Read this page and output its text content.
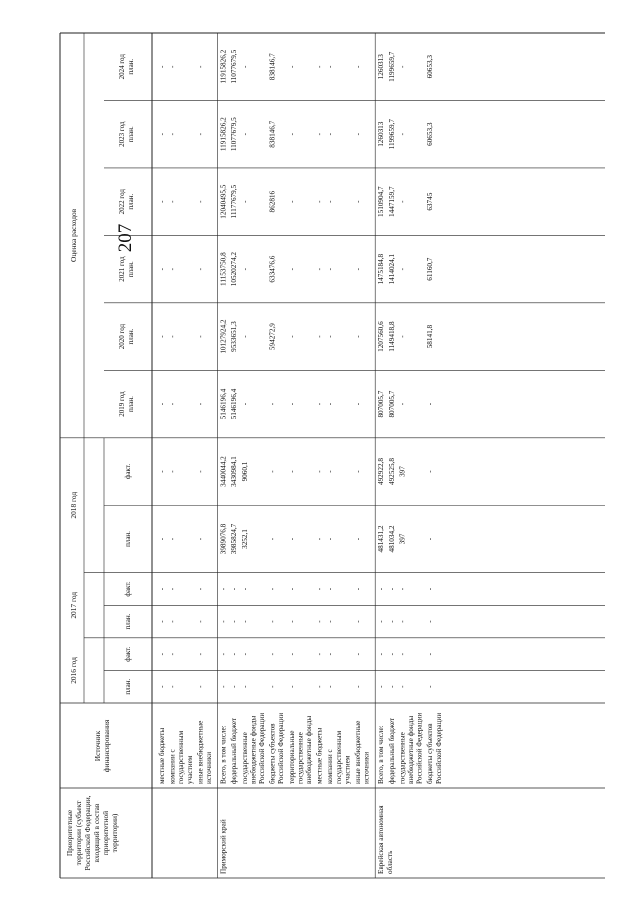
207
Приоритетныетерритории (субъектРоссийской Федерации,входящий в составприоритетнойтерритории)
Источникфинансирования
2016 год
план.
факт.
2017 год
план.
факт.
2018 год
план.
факт.
Оценка расходов
2019 годплан.
2020 годплан.
2021 годплан.
2022 годплан.
2023 годплан.
2024 годплан.
местные бюджеты
-
-
-
-
-
-
-
-
-
-
-
-
компании сгосударственнымучастием
-
-
-
-
-
-
-
-
-
-
-
-
иные внебюджетныеисточники
-
-
-
-
-
-
-
-
-
-
-
-
Приморский край
Всего, в том числе:
-
-
-
-
3989076,8
3440044,2
5146196,4
10127924,2
11153750,8
12040495,5
11915826,2
11915826,2
федеральный бюджет
-
-
-
-
3985824,7
3430984,1
5146196,4
9533651,3
10520274,2
11177679,5
11077679,5
11077679,5
государственныевнебюджетные фондыРоссийской Федерации
-
-
-
-
3252,1
9060,1
-
-
-
-
-
-
бюджеты субъектовРоссийской Федерации
-
-
-
-
-
-
-
594272,9
633476,6
862816
838146,7
838146,7
территориальныегосударственныевнебюджетные фонды
-
-
-
-
-
-
-
-
-
-
-
-
местные бюджеты
-
-
-
-
-
-
-
-
-
-
-
-
компании сгосударственнымучастием
-
-
-
-
-
-
-
-
-
-
-
-
иные внебюджетныеисточники
-
-
-
-
-
-
-
-
-
-
-
-
Еврейская автономнаяобласть
Всего, в том числе:
-
-
-
-
481431,2
492922,8
807005,7
1207560,6
1475184,8
1510904,7
1260313
1260313
федеральный бюджет
-
-
-
-
481034,2
492525,8
807005,7
1149418,8
1414024,1
1447159,7
1199659,7
1199659,7
государственныевнебюджетные фондыРоссийской Федерации
-
-
-
-
397
397
-
-
-
-
-
-
бюджеты субъектовРоссийской Федерации
-
-
-
-
-
-
-
58141,8
61160,7
63745
60653,3
60653,3
